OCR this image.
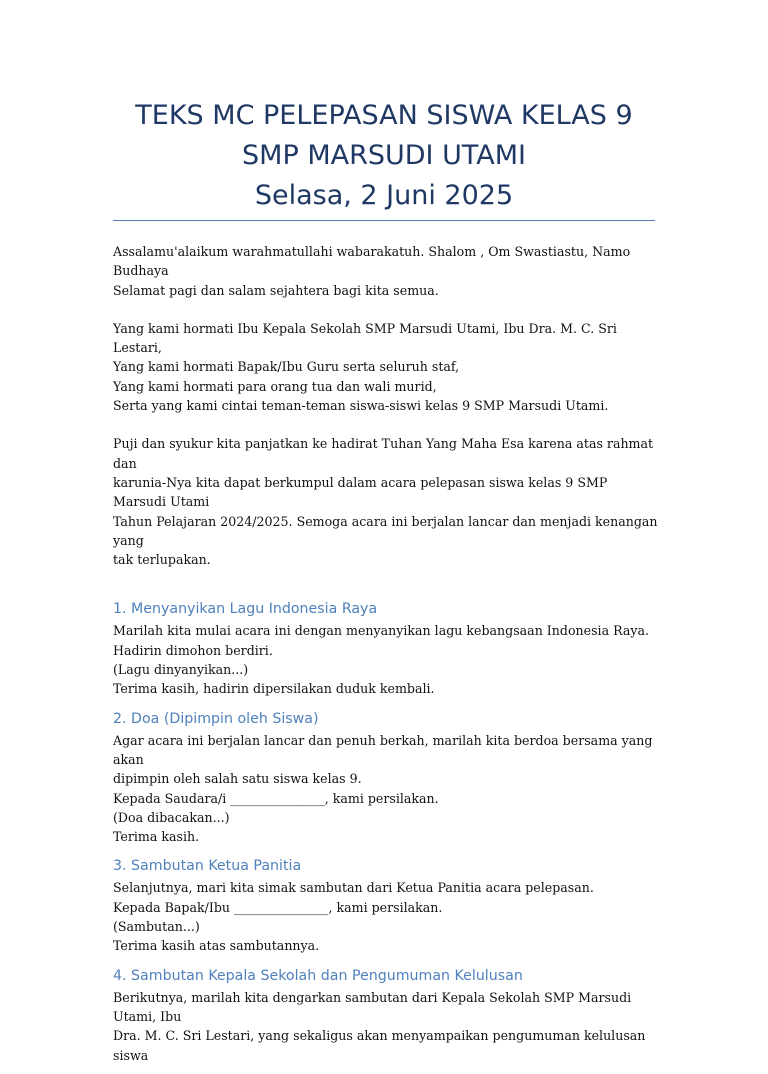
TEKS MC PELEPASAN SISWA KELAS 9
SMP MARSUDI UTAMI
Selasa, 2 Juni 2025

Assalamu'alaikum warahmatullahi wabarakatuh. Shalom , Om Swastiastu, Namo Budhaya

Selamat pagi dan salam sejahtera bagi kita semua.

Yang kami hormati Ibu Kepala Sekolah SMP Marsudi Utami, Ibu Dra. M. C. Sri Lestari,

Yang kami hormati Bapak/Ibu Guru serta seluruh staf,

Yang kami hormati para orang tua dan wali murid,

Serta yang kami cintai teman-teman siswa-siswi kelas 9 SMP Marsudi Utami.

Puji dan syukur kita panjatkan ke hadirat Tuhan Yang Maha Esa karena atas rahmat dan

karunia-Nya kita dapat berkumpul dalam acara pelepasan siswa kelas 9 SMP Marsudi Utami

Tahun Pelajaran 2024/2025. Semoga acara ini berjalan lancar dan menjadi kenangan yang

tak terlupakan.

1. Menyanyikan Lagu Indonesia Raya

Marilah kita mulai acara ini dengan menyanyikan lagu kebangsaan Indonesia Raya.

Hadirin dimohon berdiri.

(Lagu dinyanyikan...)

Terima kasih, hadirin dipersilakan duduk kembali.

2. Doa (Dipimpin oleh Siswa)

Agar acara ini berjalan lancar dan penuh berkah, marilah kita berdoa bersama yang akan

dipimpin oleh salah satu siswa kelas 9.

Kepada Saudara/i _______________, kami persilakan.

(Doa dibacakan...)

Terima kasih.

3. Sambutan Ketua Panitia

Selanjutnya, mari kita simak sambutan dari Ketua Panitia acara pelepasan.

Kepada Bapak/Ibu _______________, kami persilakan.

(Sambutan...)

Terima kasih atas sambutannya.

4. Sambutan Kepala Sekolah dan Pengumuman Kelulusan

Berikutnya, marilah kita dengarkan sambutan dari Kepala Sekolah SMP Marsudi Utami, Ibu

Dra. M. C. Sri Lestari, yang sekaligus akan menyampaikan pengumuman kelulusan siswa
